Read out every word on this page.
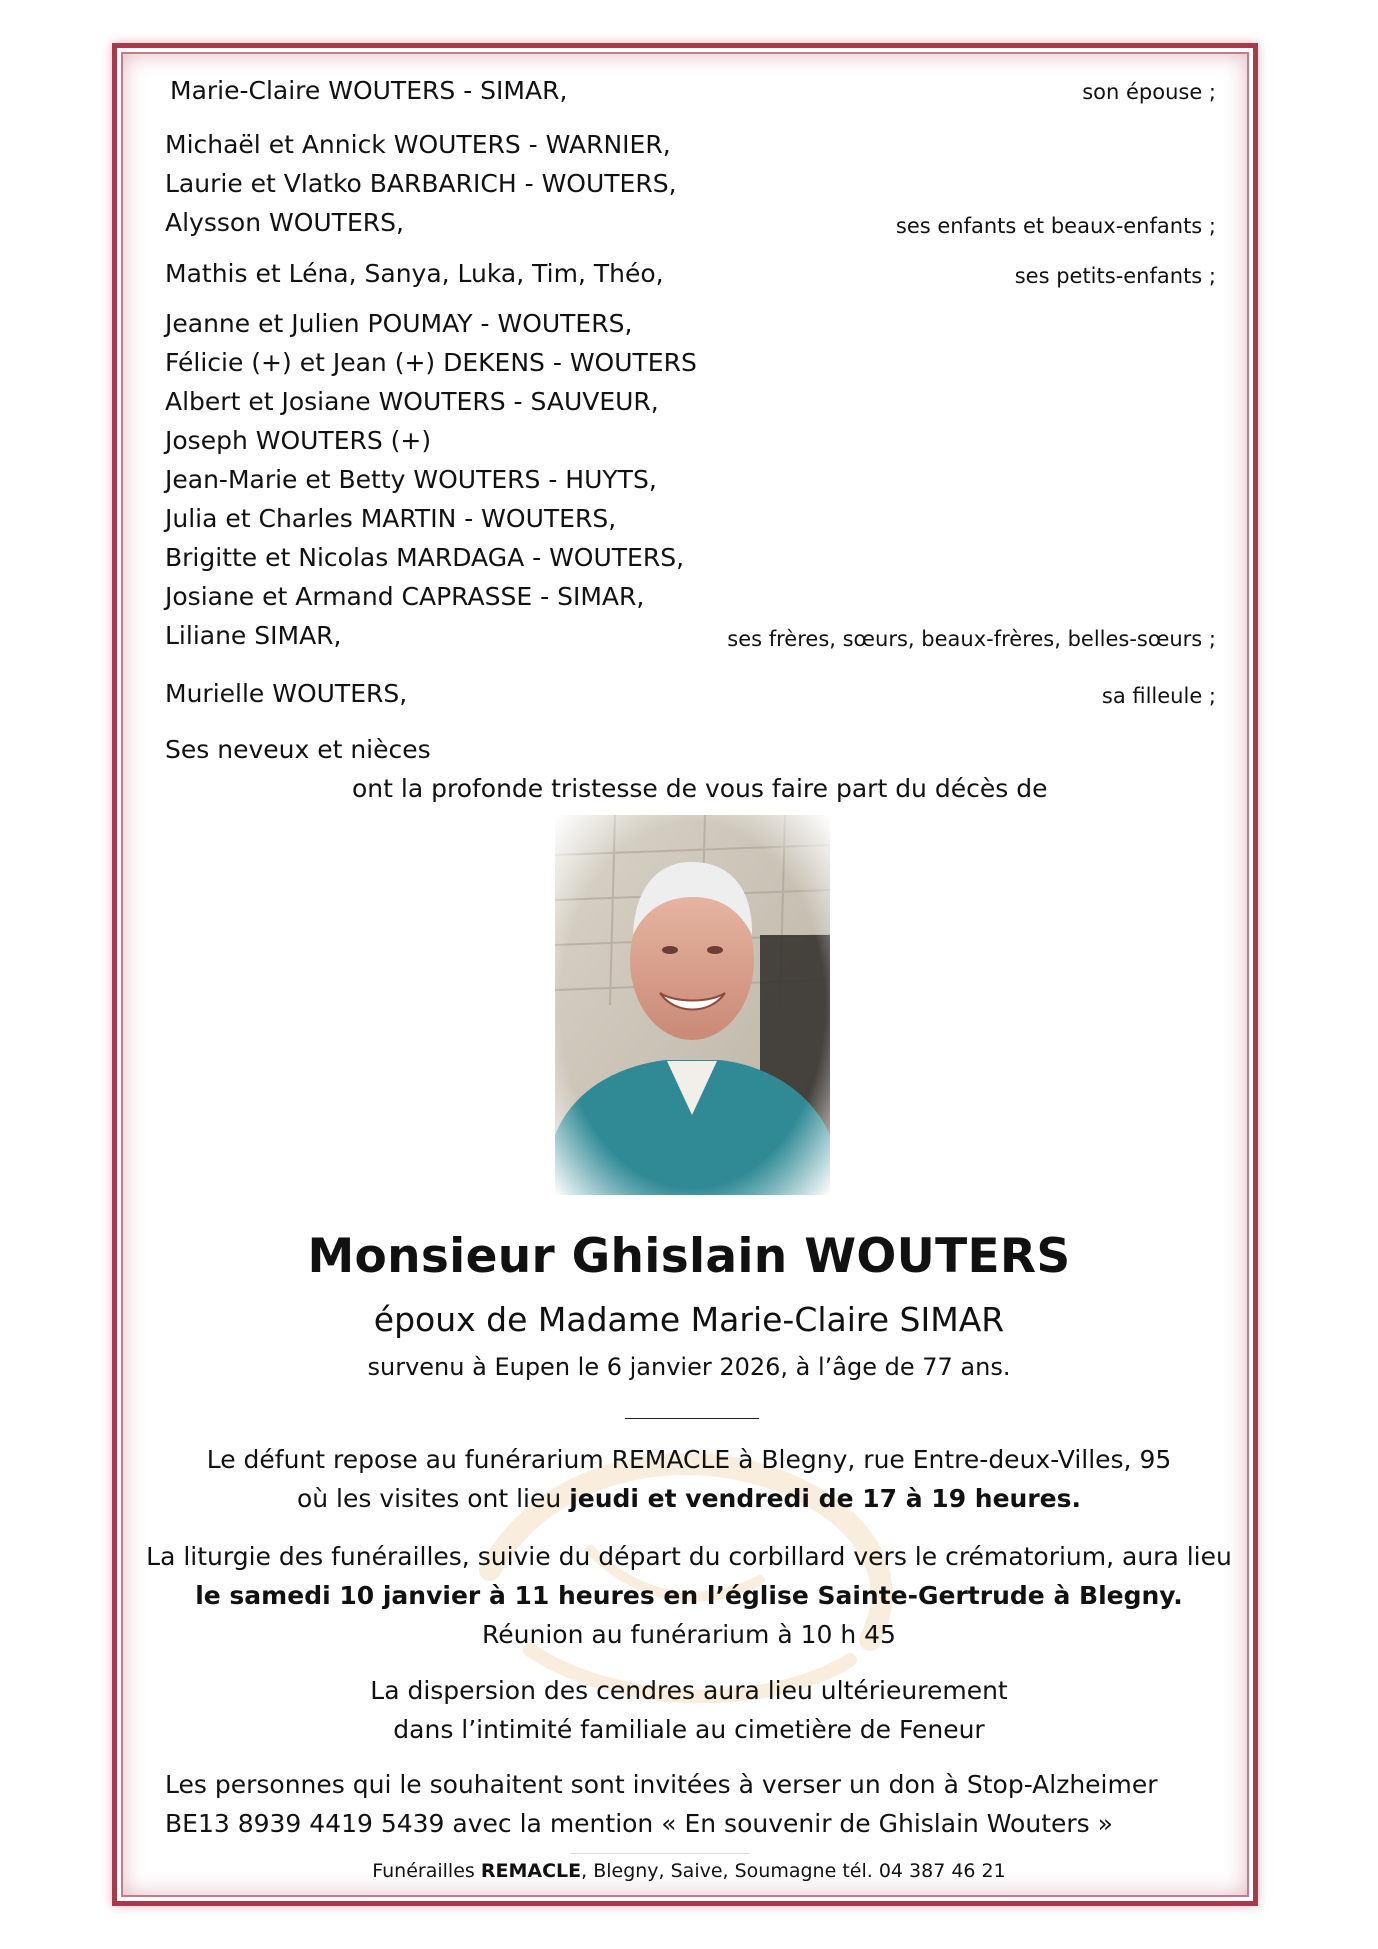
Marie-Claire WOUTERS - SIMAR,	son épouse ;
Michaël et Annick WOUTERS - WARNIER,
Laurie et Vlatko BARBARICH - WOUTERS,
Alysson WOUTERS,	ses enfants et beaux-enfants ;
Mathis et Léna, Sanya, Luka, Tim, Théo,	ses petits-enfants ;
Jeanne et Julien POUMAY - WOUTERS,
Félicie (+) et Jean (+) DEKENS - WOUTERS
Albert et Josiane WOUTERS - SAUVEUR,
Joseph WOUTERS (+)
Jean-Marie et Betty WOUTERS - HUYTS,
Julia et Charles MARTIN - WOUTERS,
Brigitte et Nicolas MARDAGA - WOUTERS,
Josiane et Armand CAPRASSE - SIMAR,
Liliane SIMAR,	ses frères, sœurs, beaux-frères, belles-sœurs ;
Murielle WOUTERS,	sa filleule ;
Ses neveux et nièces
ont la profonde tristesse de vous faire part du décès de
Monsieur Ghislain WOUTERS
époux de Madame Marie-Claire SIMAR
survenu à Eupen le 6 janvier 2026, à l’âge de 77 ans.
Le défunt repose au funérarium REMACLE à Blegny, rue Entre-deux-Villes, 95
où les visites ont lieu jeudi et vendredi de 17 à 19 heures.
La liturgie des funérailles, suivie du départ du corbillard vers le crématorium, aura lieu
le samedi 10 janvier à 11 heures en l’église Sainte-Gertrude à Blegny.
Réunion au funérarium à 10 h 45
La dispersion des cendres aura lieu ultérieurement
dans l’intimité familiale au cimetière de Feneur
Les personnes qui le souhaitent sont invitées à verser un don à Stop-Alzheimer
BE13 8939 4419 5439 avec la mention « En souvenir de Ghislain Wouters »
Funérailles REMACLE, Blegny, Saive, Soumagne tél. 04 387 46 21
